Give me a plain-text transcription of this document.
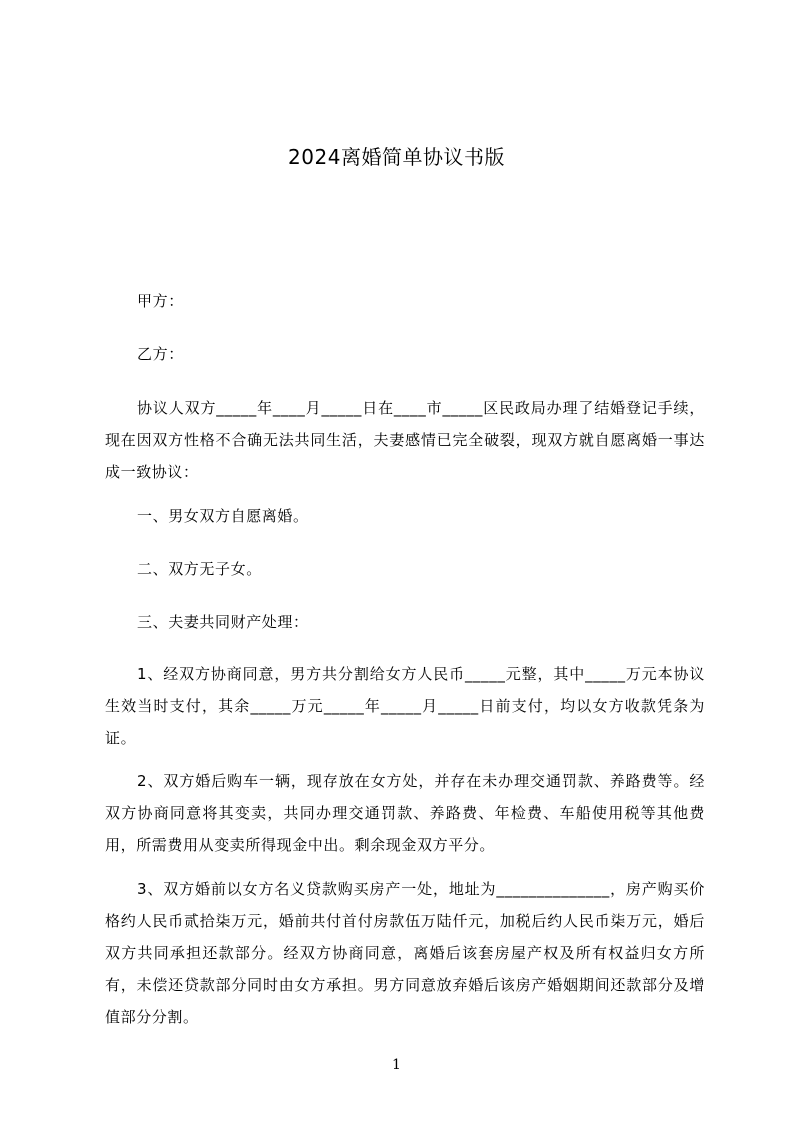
2024离婚简单协议书版
甲方：
乙方：
协议人双方_____年____月_____日在____市_____区民政局办理了结婚登记手续，现在因双方性格不合确无法共同生活，夫妻感情已完全破裂，现双方就自愿离婚一事达成一致协议：
一、男女双方自愿离婚。
二、双方无子女。
三、夫妻共同财产处理：
1、经双方协商同意，男方共分割给女方人民币_____元整，其中_____万元本协议生效当时支付，其余_____万元_____年_____月_____日前支付，均以女方收款凭条为证。
2、双方婚后购车一辆，现存放在女方处，并存在未办理交通罚款、养路费等。经双方协商同意将其变卖，共同办理交通罚款、养路费、年检费、车船使用税等其他费用，所需费用从变卖所得现金中出。剩余现金双方平分。
3、双方婚前以女方名义贷款购买房产一处，地址为______________，房产购买价格约人民币贰拾柒万元，婚前共付首付房款伍万陆仟元，加税后约人民币柒万元，婚后双方共同承担还款部分。经双方协商同意，离婚后该套房屋产权及所有权益归女方所有，未偿还贷款部分同时由女方承担。男方同意放弃婚后该房产婚姻期间还款部分及增值部分分割。
1
